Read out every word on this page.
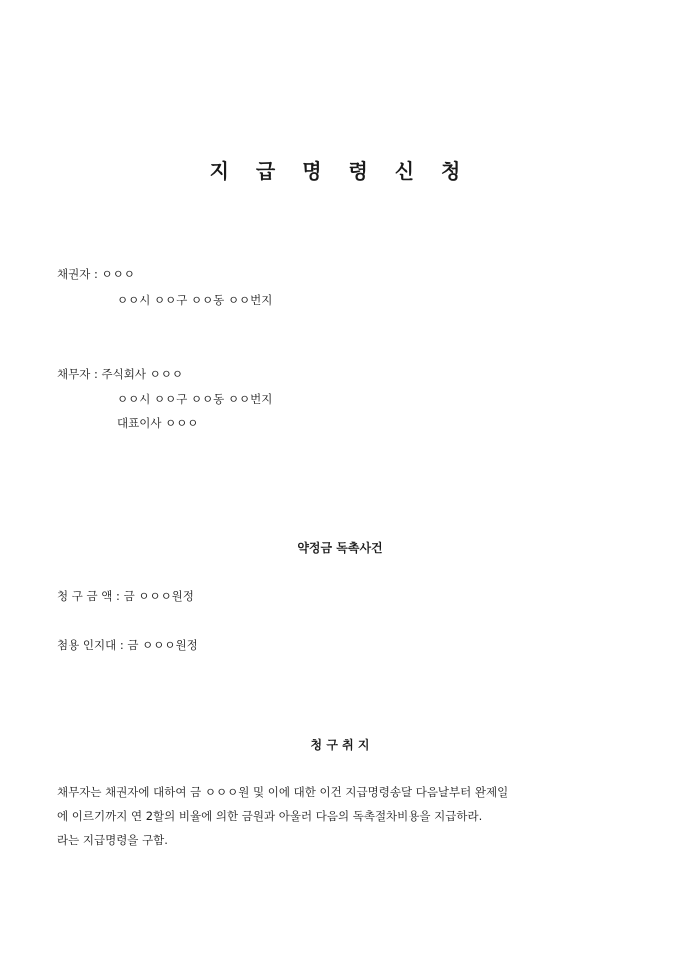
지 급 명 령 신 청
채권자 : ㅇㅇㅇ
ㅇㅇ시 ㅇㅇ구 ㅇㅇ동 ㅇㅇ번지
채무자 : 주식회사 ㅇㅇㅇ
ㅇㅇ시 ㅇㅇ구 ㅇㅇ동 ㅇㅇ번지
대표이사 ㅇㅇㅇ
약정금 독촉사건
청 구 금 액 : 금 ㅇㅇㅇ원정
첨용 인지대 : 금 ㅇㅇㅇ원정
청 구 취 지
채무자는 채권자에 대하여 금 ㅇㅇㅇ원 및 이에 대한 이건 지급명령송달 다음날부터 완제일
에 이르기까지 연 2할의 비율에 의한 금원과 아울러 다음의 독촉절차비용을 지급하라.
라는 지급명령을 구함.
